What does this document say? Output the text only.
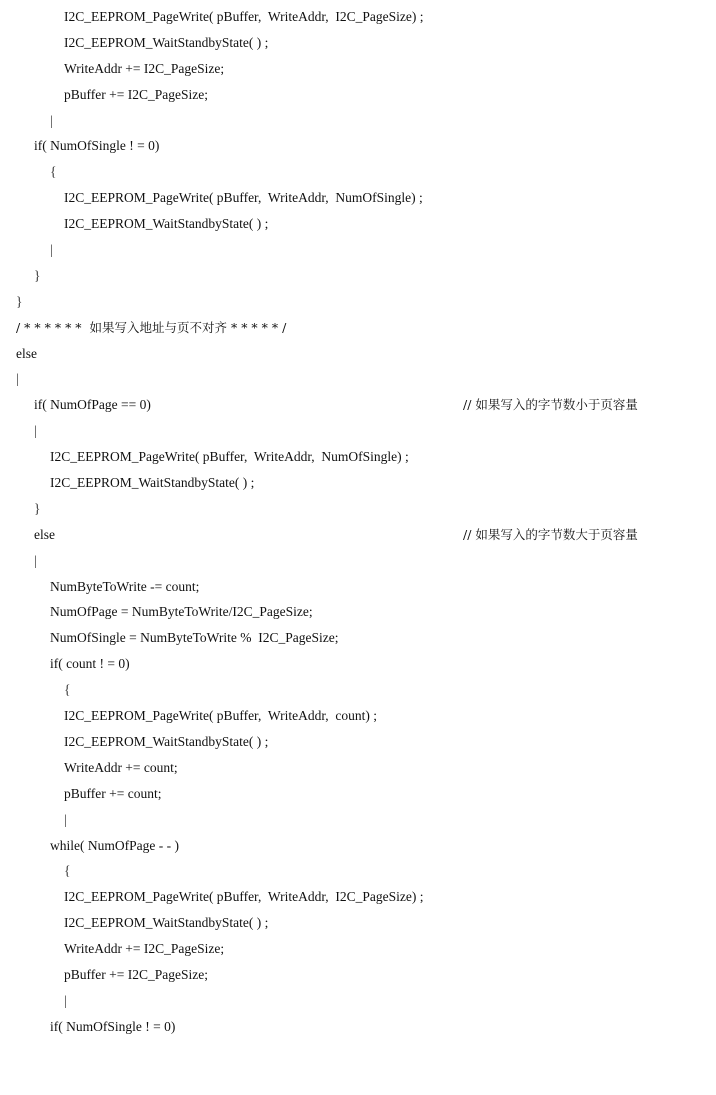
I2C_EEPROM_PageWrite( pBuffer,  WriteAddr,  I2C_PageSize) ;
I2C_EEPROM_WaitStandbyState( ) ;
WriteAddr += I2C_PageSize;
pBuffer += I2C_PageSize;
|
if( NumOfSingle ! = 0)
{
I2C_EEPROM_PageWrite( pBuffer,  WriteAddr,  NumOfSingle) ;
I2C_EEPROM_WaitStandbyState( ) ;
|
}
}
/ * * * * * *  如果写入地址与页不对齐 * * * * * /
else
|
if( NumOfPage == 0)	// 如果写入的字节数小于页容量
|
I2C_EEPROM_PageWrite( pBuffer,  WriteAddr,  NumOfSingle) ;
I2C_EEPROM_WaitStandbyState( ) ;
}
else	// 如果写入的字节数大于页容量
|
NumByteToWrite -= count;
NumOfPage = NumByteToWrite/I2C_PageSize;
NumOfSingle = NumByteToWrite %  I2C_PageSize;
if( count ! = 0)
{
I2C_EEPROM_PageWrite( pBuffer,  WriteAddr,  count) ;
I2C_EEPROM_WaitStandbyState( ) ;
WriteAddr += count;
pBuffer += count;
|
while( NumOfPage - - )
{
I2C_EEPROM_PageWrite( pBuffer,  WriteAddr,  I2C_PageSize) ;
I2C_EEPROM_WaitStandbyState( ) ;
WriteAddr += I2C_PageSize;
pBuffer += I2C_PageSize;
|
if( NumOfSingle ! = 0)
